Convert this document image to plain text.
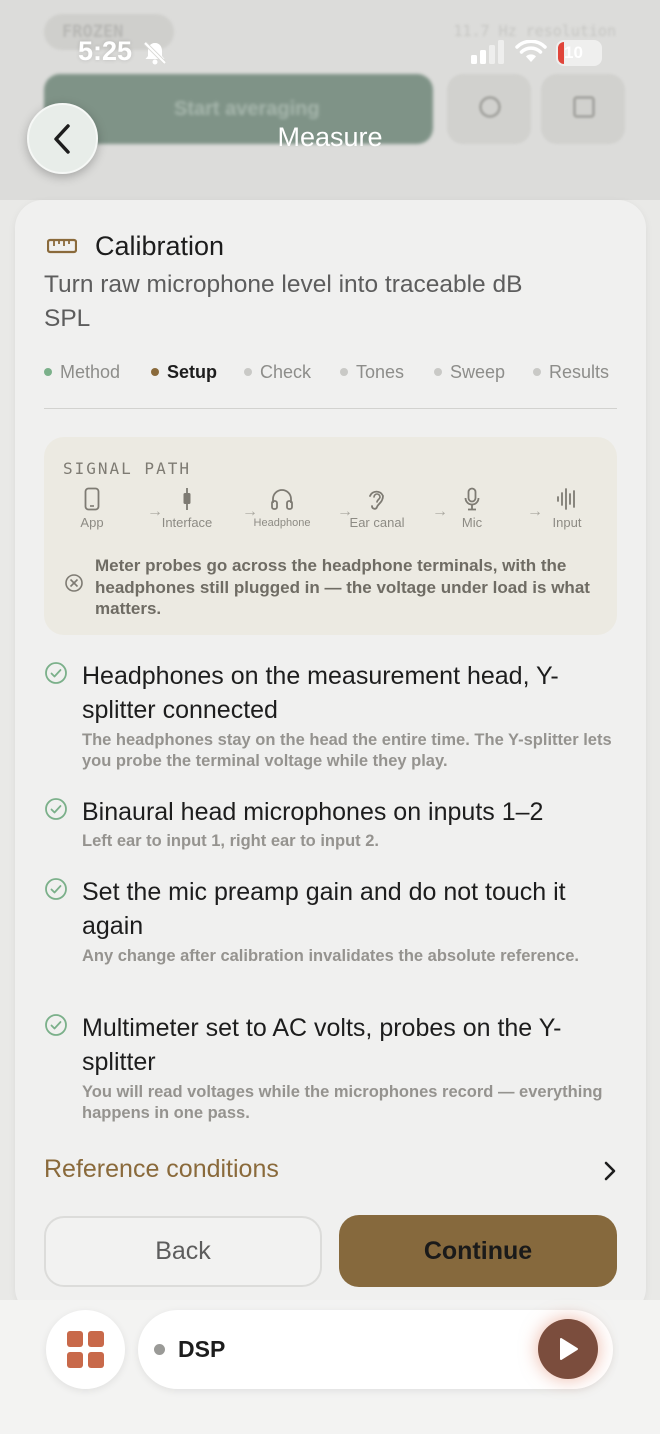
FROZEN	11.7 Hz resolution
Start averaging
5:25	10
Measure
Calibration
Turn raw microphone level into traceable dB SPL
Method	Setup	Check	Tones	Sweep	Results
SIGNAL PATH
App
→
Interface
→
Headphone
→
Ear canal
→
Mic
→
Input
Meter probes go across the headphone terminals, with the headphones still plugged in — the voltage under load is what matters.
Headphones on the measurement head, Y-splitter connected
The headphones stay on the head the entire time. The Y-splitter lets you probe the terminal voltage while they play.
Binaural head microphones on inputs 1–2
Left ear to input 1, right ear to input 2.
Set the mic preamp gain and do not touch it again
Any change after calibration invalidates the absolute reference.
Multimeter set to AC volts, probes on the Y-splitter
You will read voltages while the microphones record — everything happens in one pass.
Reference conditions
Back	Continue
DSP
